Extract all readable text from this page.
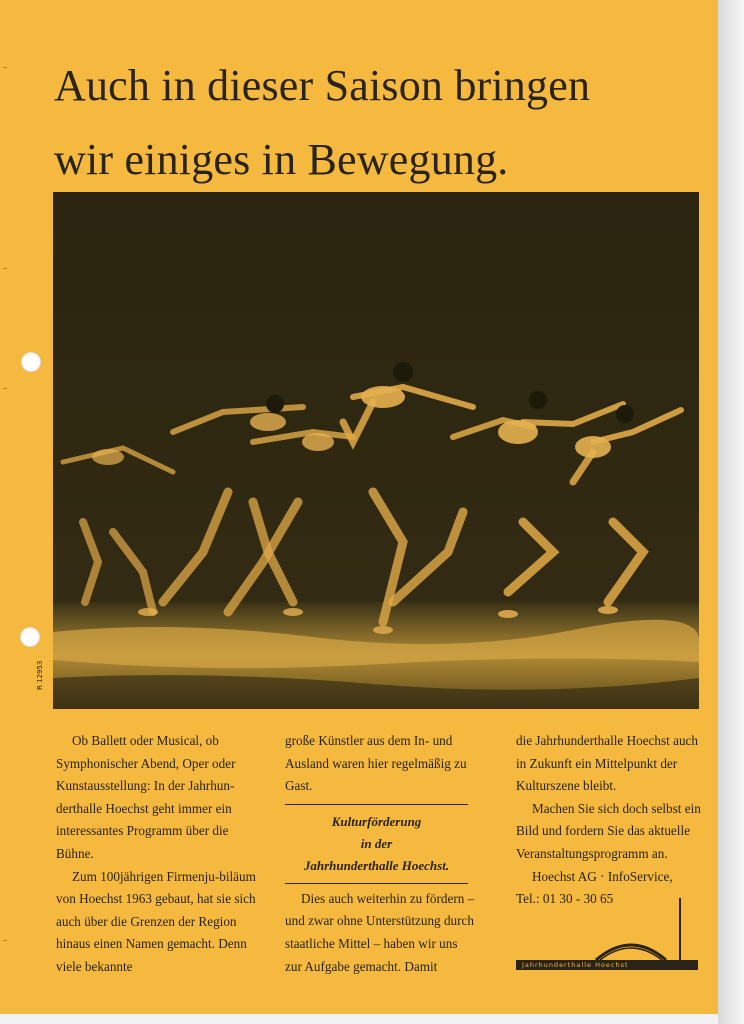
Auch in dieser Saison bringen
wir einiges in Bewegung.
R 12953

Ob Ballett oder Musical, ob Symphonischer Abend, Oper oder Kunstausstellung: In der Jahrhun-derthalle Hoechst geht immer ein interessantes Programm über die Bühne.

Zum 100jährigen Firmenju-biläum von Hoechst 1963 gebaut, hat sie sich auch über die Grenzen der Region hinaus einen Namen gemacht. Denn viele bekannte

große Künstler aus dem In- und Ausland waren hier regelmäßig zu Gast.

Kulturförderung
in der
Jahrhunderthalle Hoechst.

Dies auch weiterhin zu fördern – und zwar ohne Unterstützung durch staatliche Mittel – haben wir uns zur Aufgabe gemacht. Damit

die Jahrhunderthalle Hoechst auch in Zukunft ein Mittelpunkt der Kulturszene bleibt.

Machen Sie sich doch selbst ein Bild und fordern Sie das aktuelle Veranstaltungsprogramm an.

Hoechst AG · InfoService,

Tel.: 01 30 - 30 65

Jahrhunderthalle Hoechst
